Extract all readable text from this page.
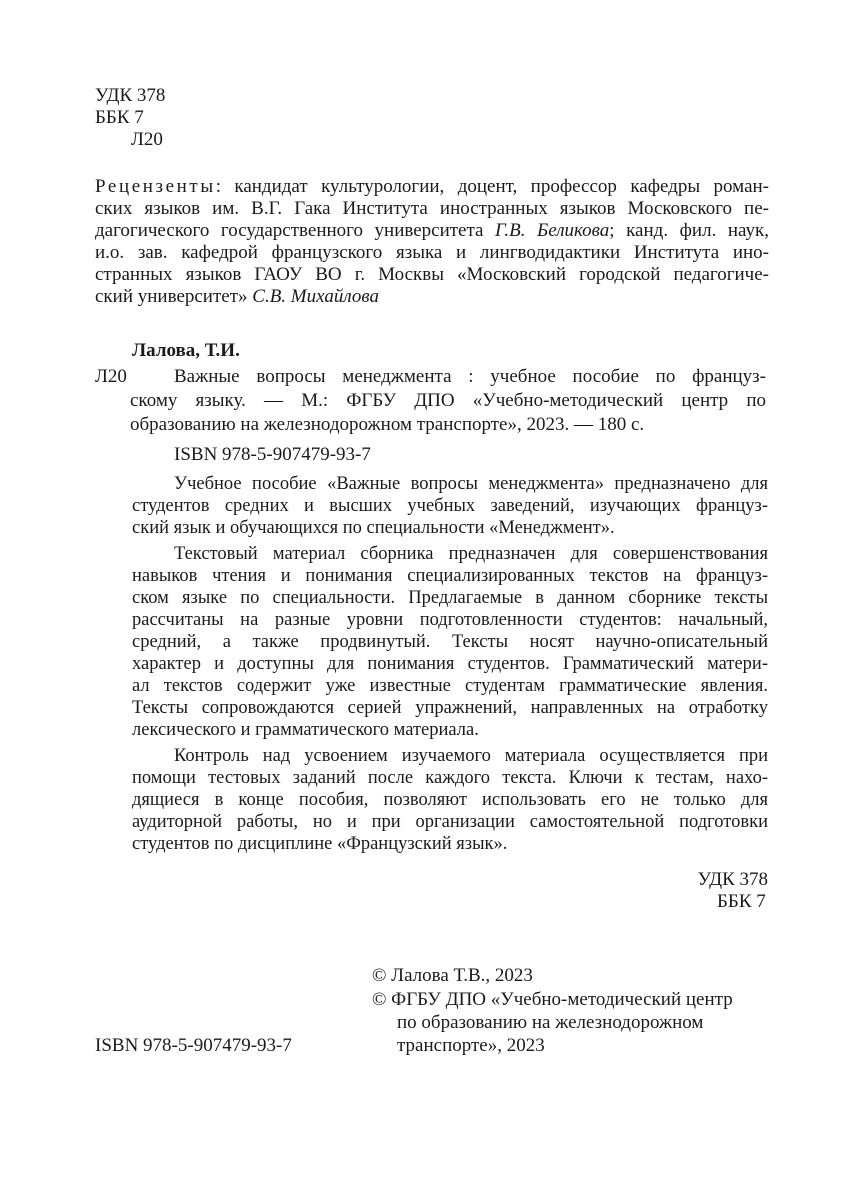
УДК 378
ББК 7
Л20
Рецензенты: кандидат культурологии, доцент, профессор кафедры роман-
ских языков им. В.Г. Гака Института иностранных языков Московского пе-
дагогического государственного университета Г.В. Беликова; канд. фил. наук,
и.о. зав. кафедрой французского языка и лингводидактики Института ино-
странных языков ГАОУ ВО г. Москвы «Московский городской педагогиче-
ский университет» С.В. Михайлова
Лалова, Т.И.
Л20 Важные вопросы менеджмента : учебное пособие по француз-
скому языку. — М.: ФГБУ ДПО «Учебно-методический центр по
образованию на железнодорожном транспорте», 2023. — 180 с.
ISBN 978-5-907479-93-7
Учебное пособие «Важные вопросы менеджмента» предназначено для
студентов средних и высших учебных заведений, изучающих француз-
ский язык и обучающихся по специальности «Менеджмент».
Текстовый материал сборника предназначен для совершенствования
навыков чтения и понимания специализированных текстов на француз-
ском языке по специальности. Предлагаемые в данном сборнике тексты
рассчитаны на разные уровни подготовленности студентов: начальный,
средний, а также продвинутый. Тексты носят научно-описательный
характер и доступны для понимания студентов. Грамматический матери-
ал текстов содержит уже известные студентам грамматические явления.
Тексты сопровождаются серией упражнений, направленных на отработку
лексического и грамматического материала.
Контроль над усвоением изучаемого материала осуществляется при
помощи тестовых заданий после каждого текста. Ключи к тестам, нахо-
дящиеся в конце пособия, позволяют использовать его не только для
аудиторной работы, но и при организации самостоятельной подготовки
студентов по дисциплине «Французский язык».
УДК 378
ББК 7
© Лалова Т.В., 2023
© ФГБУ ДПО «Учебно-методический центр
по образованию на железнодорожном
транспорте», 2023
ISBN 978-5-907479-93-7
